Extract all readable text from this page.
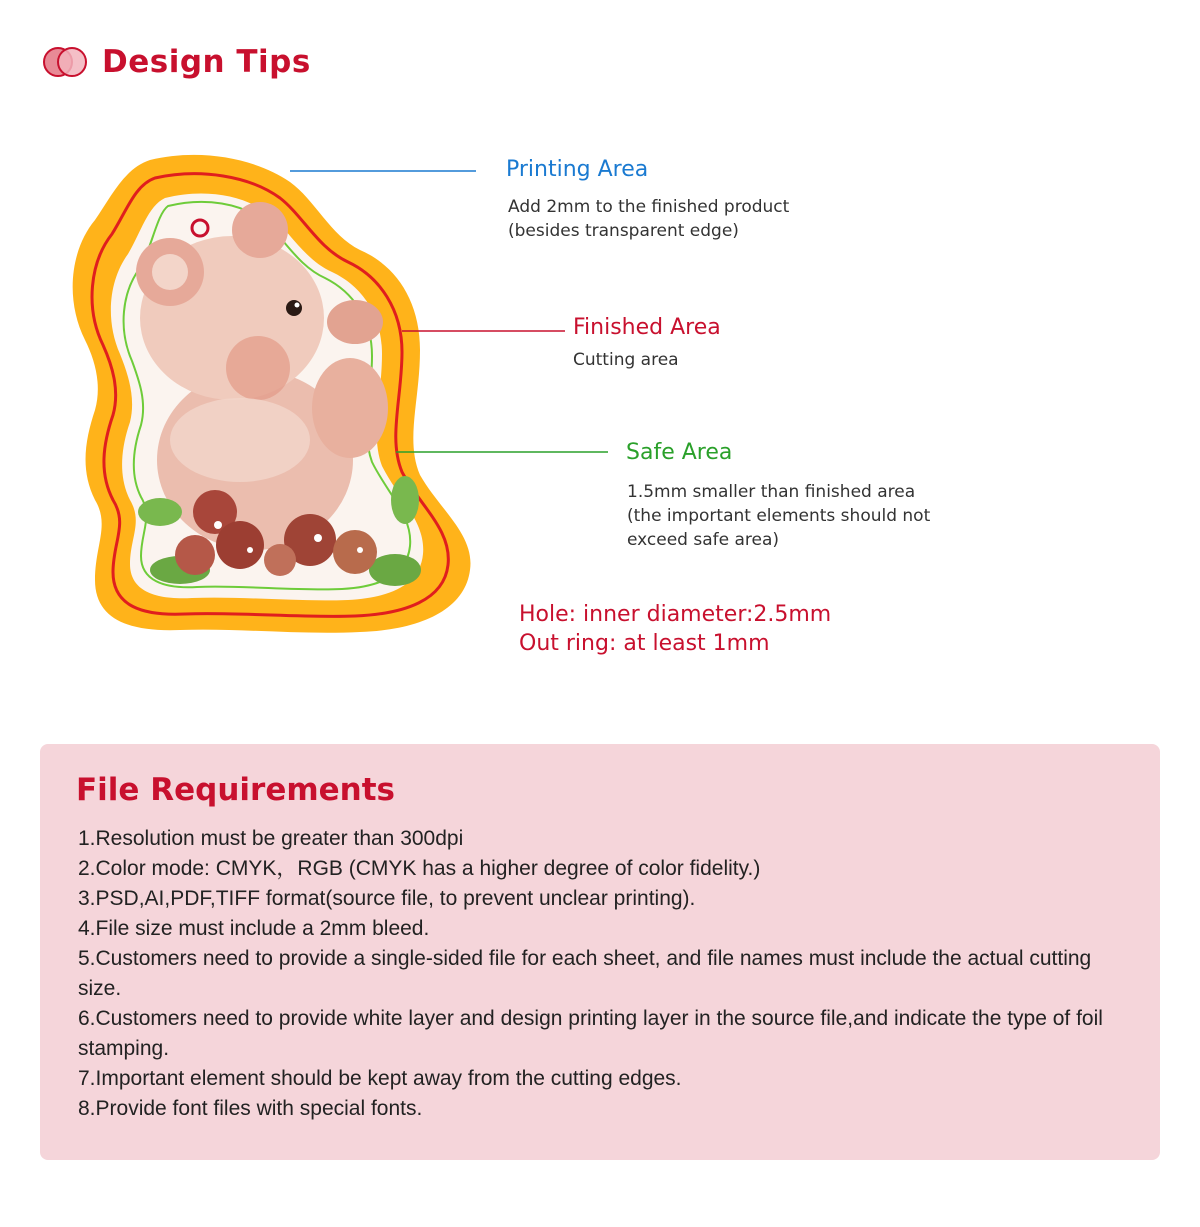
Design Tips
Printing Area
Add 2mm to the finished product
(besides transparent edge)
Finished Area
Cutting area
Safe Area
1.5mm smaller than finished area
(the important elements should not
exceed safe area)
Hole: inner diameter:2.5mm
Out ring: at least 1mm
File Requirements
1.Resolution must be greater than 300dpi
2.Color mode: CMYK，RGB (CMYK has a higher degree of color fidelity.)
3.PSD,AI,PDF,TIFF format(source file, to prevent unclear printing).
4.File size must include a 2mm bleed.
5.Customers need to provide a single-sided file for each sheet, and file names must include the actual cutting size.
6.Customers need to provide white layer and design printing layer in the source file,and indicate the type of foil stamping.
7.Important element should be kept away from the cutting edges.
8.Provide font files with special fonts.
